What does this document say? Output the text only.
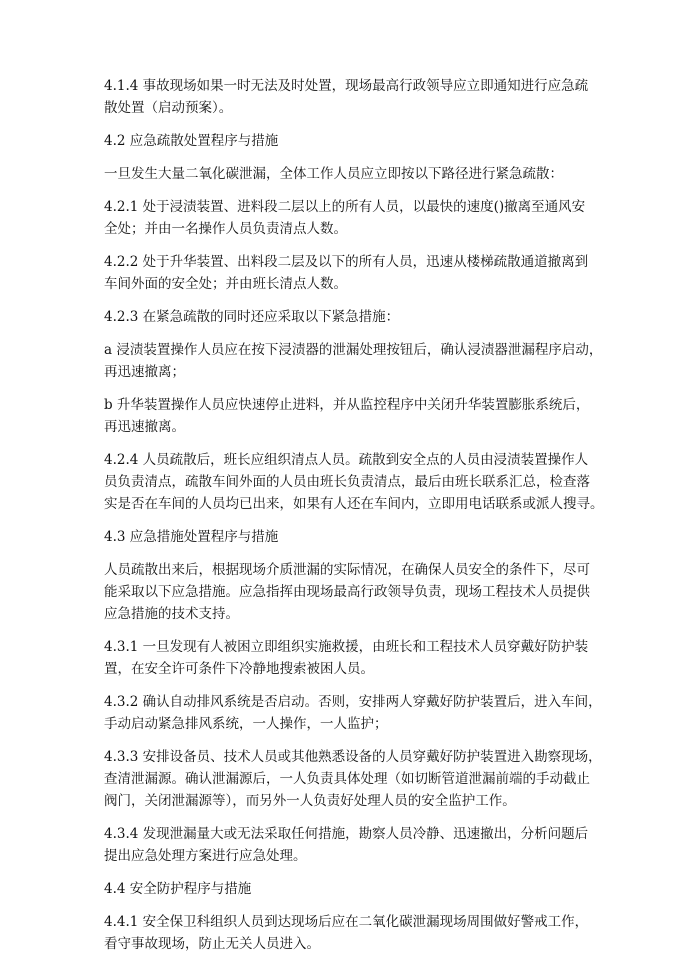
4.1.4 事故现场如果一时无法及时处置，现场最高行政领导应立即通知进行应急疏
散处置（启动预案）。
4.2 应急疏散处置程序与措施
一旦发生大量二氧化碳泄漏，全体工作人员应立即按以下路径进行紧急疏散：
4.2.1 处于浸渍装置、进料段二层以上的所有人员，以最快的速度()撤离至通风安
全处；并由一名操作人员负责清点人数。
4.2.2 处于升华装置、出料段二层及以下的所有人员，迅速从楼梯疏散通道撤离到
车间外面的安全处；并由班长清点人数。
4.2.3 在紧急疏散的同时还应采取以下紧急措施：
a 浸渍装置操作人员应在按下浸渍器的泄漏处理按钮后，确认浸渍器泄漏程序启动，
再迅速撤离；
b 升华装置操作人员应快速停止进料，并从监控程序中关闭升华装置膨胀系统后，
再迅速撤离。
4.2.4 人员疏散后，班长应组织清点人员。疏散到安全点的人员由浸渍装置操作人
员负责清点，疏散车间外面的人员由班长负责清点，最后由班长联系汇总，检查落
实是否在车间的人员均已出来，如果有人还在车间内，立即用电话联系或派人搜寻。
4.3 应急措施处置程序与措施
人员疏散出来后，根据现场介质泄漏的实际情况，在确保人员安全的条件下，尽可
能采取以下应急措施。应急指挥由现场最高行政领导负责，现场工程技术人员提供
应急措施的技术支持。
4.3.1 一旦发现有人被困立即组织实施救援，由班长和工程技术人员穿戴好防护装
置，在安全许可条件下冷静地搜索被困人员。
4.3.2 确认自动排风系统是否启动。否则，安排两人穿戴好防护装置后，进入车间，
手动启动紧急排风系统，一人操作，一人监护；
4.3.3 安排设备员、技术人员或其他熟悉设备的人员穿戴好防护装置进入勘察现场，
查清泄漏源。确认泄漏源后，一人负责具体处理（如切断管道泄漏前端的手动截止
阀门，关闭泄漏源等），而另外一人负责好处理人员的安全监护工作。
4.3.4 发现泄漏量大或无法采取任何措施，勘察人员冷静、迅速撤出，分析问题后
提出应急处理方案进行应急处理。
4.4 安全防护程序与措施
4.4.1 安全保卫科组织人员到达现场后应在二氧化碳泄漏现场周围做好警戒工作，
看守事故现场，防止无关人员进入。
